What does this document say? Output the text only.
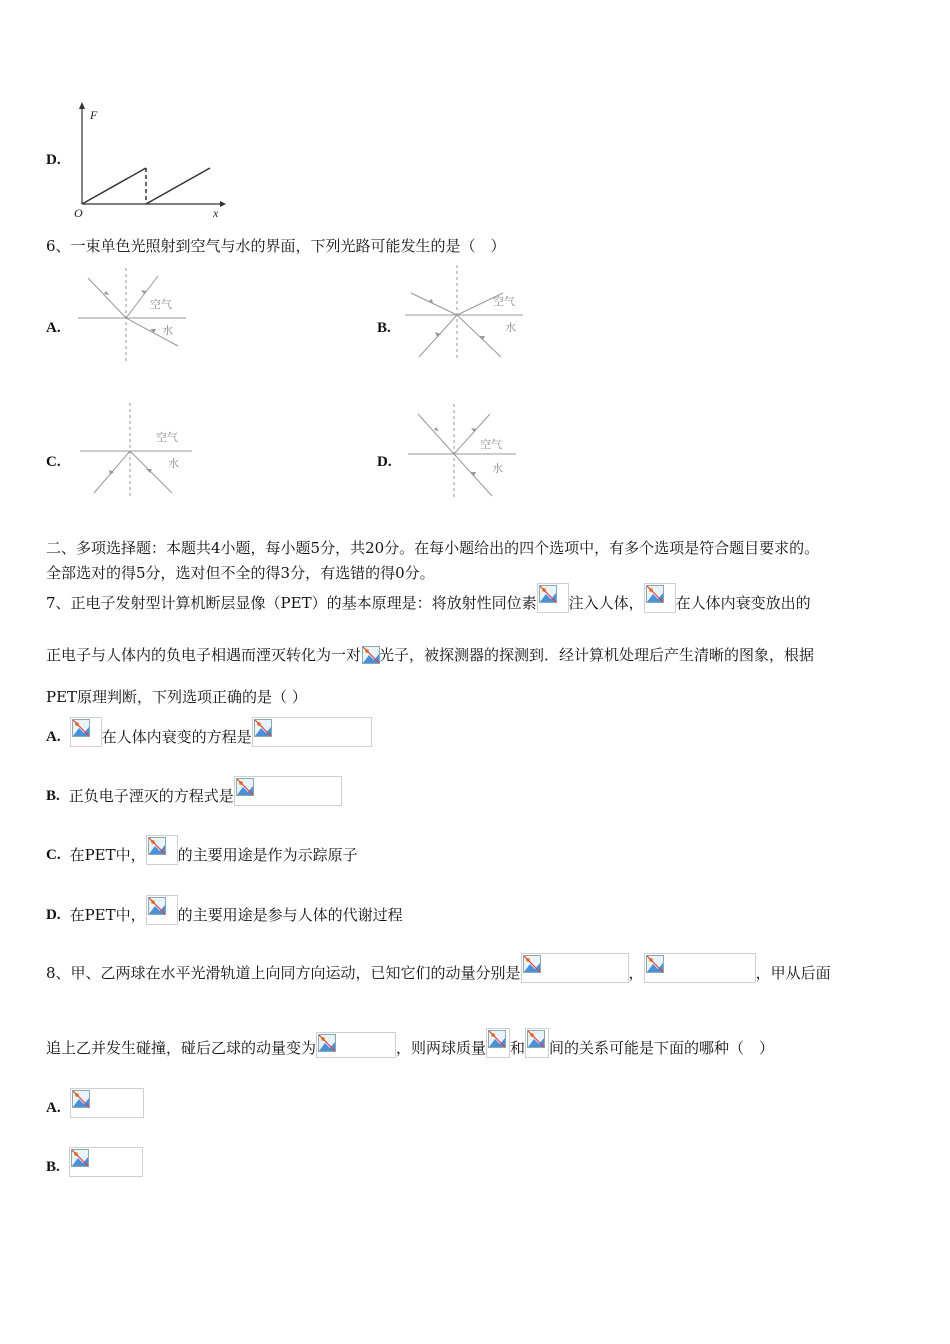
D.
F
x
O
6、一束单色光照射到空气与水的界面，下列光路可能发生的是（　）
A.
空气
水	B.
空气
水
C.
空气
水	D.
空气
水
二、多项选择题：本题共4小题，每小题5分，共20分。在每小题给出的四个选项中，有多个选项是符合题目要求的。
全部选对的得5分，选对但不全的得3分，有选错的得0分。
7、正电子发射型计算机断层显像（PET）的基本原理是：将放射性同位素 注入人体， 在人体内衰变放出的
正电子与人体内的负电子相遇而湮灭转化为一对 光子，被探测器的探测到．经计算机处理后产生清晰的图象，根据
PET原理判断，下列选项正确的是（ ）
A.	在人体内衰变的方程是
B. 正负电子湮灭的方程式是
C. 在PET中， 的主要用途是作为示踪原子
D. 在PET中， 的主要用途是参与人体的代谢过程
8、甲、乙两球在水平光滑轨道上向同方向运动，已知它们的动量分别是	，	，甲从后面
追上乙并发生碰撞，碰后乙球的动量变为	，则两球质量 和 间的关系可能是下面的哪种（　）
A.
B.
